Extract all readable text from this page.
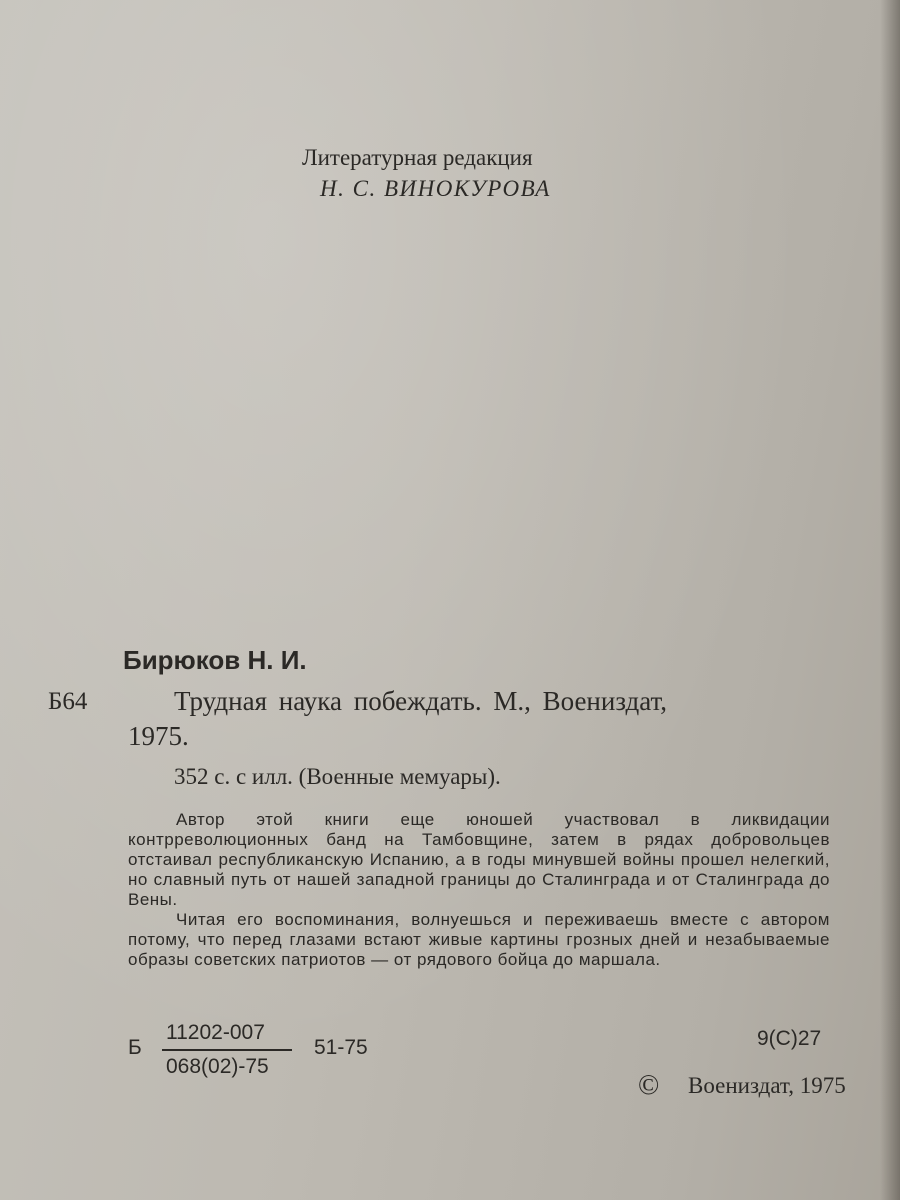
Литературная редакция
Н. С. ВИНОКУРОВА
Бирюков Н. И.
Б64	Трудная наука побеждать. М., Воениздат,
1975.
352 с. с илл. (Военные мемуары).

Автор этой книги еще юношей участвовал в ликвидации контрреволюционных банд на Тамбовщине, затем в рядах добровольцев отстаивал республиканскую Испанию, а в годы минувшей войны прошел нелегкий, но славный путь от нашей западной границы до Сталинграда и от Сталинграда до Вены.

Читая его воспоминания, волнуешься и переживаешь вместе с автором потому, что перед глазами встают живые картины грозных дней и незабываемые образы советских патриотов — от рядового бойца до маршала.

Б
11202-007
068(02)-75
51-75	9(С)27
© Воениздат, 1975
